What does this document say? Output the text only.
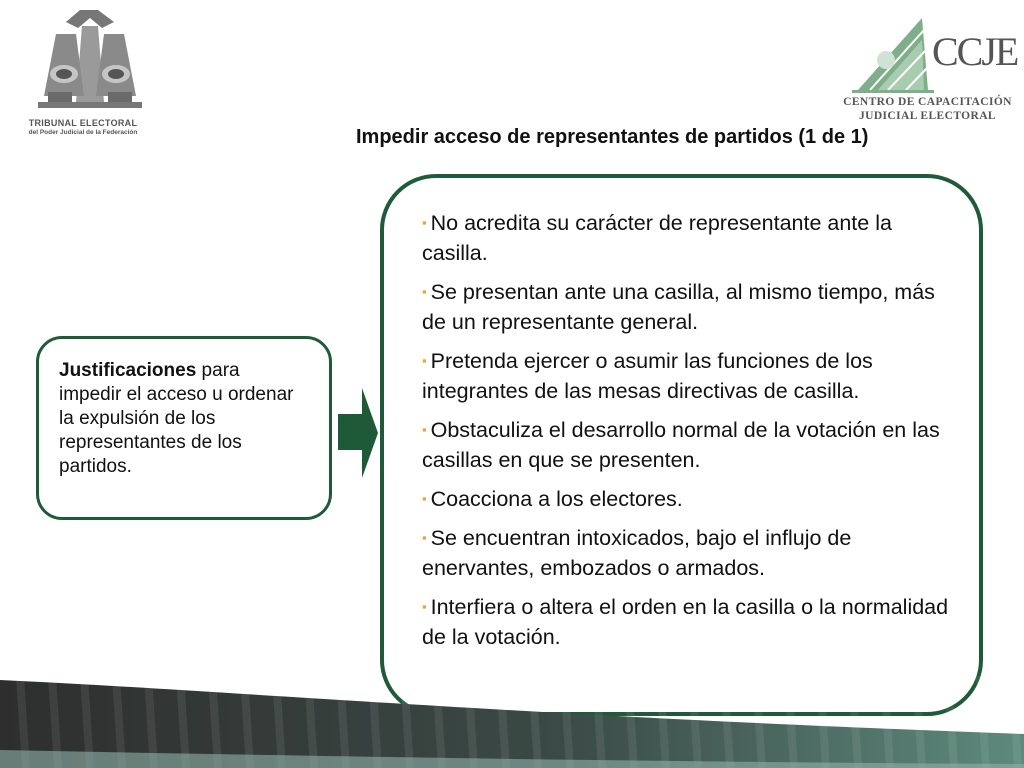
TRIBUNAL ELECTORAL
del Poder Judicial de la Federación
CCJE
CENTRO DE CAPACITACIÓN
JUDICIAL ELECTORAL
Impedir acceso de representantes de partidos (1 de 1)
Justificaciones para impedir el acceso u ordenar la expulsión de los representantes de los partidos.
▪ No acredita su carácter de representante ante la casilla.
▪ Se presentan ante una casilla, al mismo tiempo, más de un representante general.
▪ Pretenda ejercer o asumir las funciones de los integrantes de las mesas directivas de casilla.
▪ Obstaculiza el desarrollo normal de la votación en las casillas en que se presenten.
▪ Coacciona a los electores.
▪ Se encuentran intoxicados, bajo el influjo de enervantes, embozados o armados.
▪ Interfiera o altera el orden en la casilla o la normalidad de la votación.
